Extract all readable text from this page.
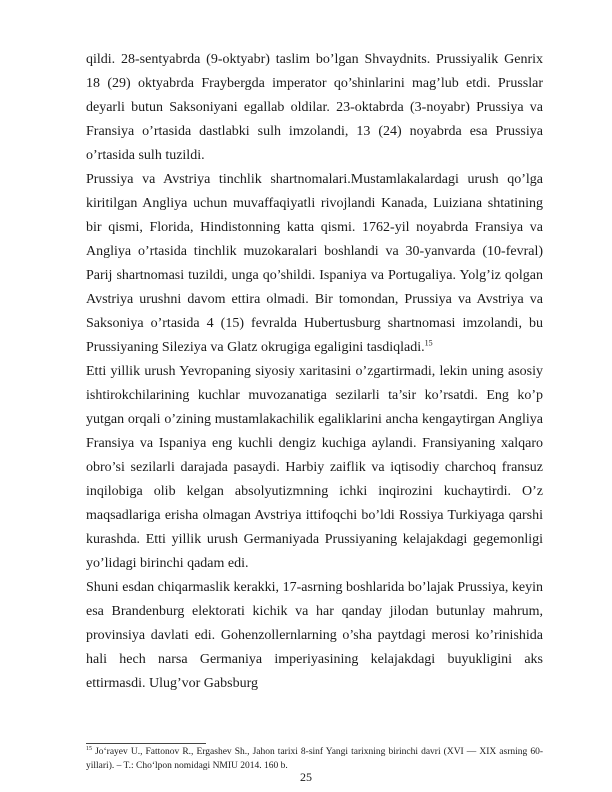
qildi. 28-sentyabrda (9-oktyabr) taslim bo’lgan Shvaydnits. Prussiyalik Genrix 18 (29) oktyabrda Fraybergda imperator qo’shinlarini mag’lub etdi. Prusslar deyarli butun Saksoniyani egallab oldilar. 23-oktabrda (3-noyabr) Prussiya va Fransiya o’rtasida dastlabki sulh imzolandi, 13 (24) noyabrda esa Prussiya o’rtasida sulh tuzildi.

Prussiya va Avstriya tinchlik shartnomalari.Mustamlakalardagi urush qo’lga kiritilgan Angliya uchun muvaffaqiyatli rivojlandi Kanada, Luiziana shtatining bir qismi, Florida, Hindistonning katta qismi. 1762-yil noyabrda Fransiya va Angliya o’rtasida tinchlik muzokaralari boshlandi va 30-yanvarda (10-fevral) Parij shartnomasi tuzildi, unga qo’shildi. Ispaniya va Portugaliya. Yolg’iz qolgan Avstriya urushni davom ettira olmadi. Bir tomondan, Prussiya va Avstriya va Saksoniya o’rtasida 4 (15) fevralda Hubertusburg shartnomasi imzolandi, bu Prussiyaning Sileziya va Glatz okrugiga egaligini tasdiqladi.$^{15}$

Etti yillik urush Yevropaning siyosiy xaritasini o’zgartirmadi, lekin uning asosiy ishtirokchilarining kuchlar muvozanatiga sezilarli ta’sir ko’rsatdi. Eng ko’p yutgan orqali o’zining mustamlakachilik egaliklarini ancha kengaytirgan Angliya Fransiya va Ispaniya eng kuchli dengiz kuchiga aylandi. Fransiyaning xalqaro obro’si sezilarli darajada pasaydi. Harbiy zaiflik va iqtisodiy charchoq fransuz inqilobiga olib kelgan absolyutizmning ichki inqirozini kuchaytirdi. O’z maqsadlariga erisha olmagan Avstriya ittifoqchi bo’ldi Rossiya Turkiyaga qarshi kurashda. Etti yillik urush Germaniyada Prussiyaning kelajakdagi gegemonligi yo’lidagi birinchi qadam edi.

Shuni esdan chiqarmaslik kerakki, 17-asrning boshlarida bo’lajak Prussiya, keyin esa Brandenburg elektorati kichik va har qanday jilodan butunlay mahrum, provinsiya davlati edi. Gohenzollernlarning o’sha paytdagi merosi ko’rinishida hali hech narsa Germaniya imperiyasining kelajakdagi buyukligini aks ettirmasdi. Ulug’vor Gabsburg

$^{15}$ Jo‘rayev U., Fattonov R., Ergashev Sh., Jahon tarixi 8-sinf Yangi tarixning birinchi davri (XVI — XIX asrning 60-yillari). – T.: Cho‘lpon nomidagi NMIU 2014. 160 b.
25
